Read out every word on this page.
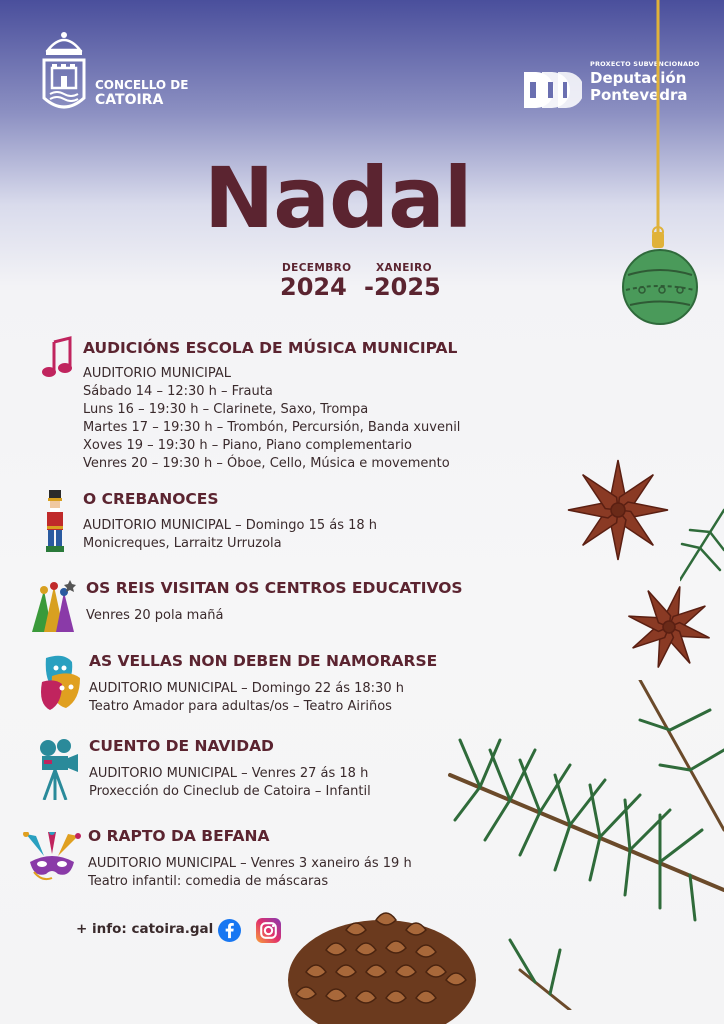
CONCELLO DE
CATOIRA
PROXECTO SUBVENCIONADO
Deputación
Pontevedra
Nadal
DECEMBRO
2024
XANEIRO
-2025
AUDICIÓNS ESCOLA DE MÚSICA MUNICIPAL
AUDITORIO MUNICIPAL
Sábado 14 – 12:30 h – Frauta
Luns 16 – 19:30 h – Clarinete, Saxo, Trompa
Martes 17 – 19:30 h – Trombón, Percursión, Banda xuvenil
Xoves 19 – 19:30 h – Piano, Piano complementario
Venres 20 – 19:30 h – Óboe, Cello, Música e movemento
O CREBANOCES
AUDITORIO MUNICIPAL – Domingo 15 ás 18 h
Monicreques, Larraitz Urruzola
OS REIS VISITAN OS CENTROS EDUCATIVOS
Venres 20 pola mañá
AS VELLAS NON DEBEN DE NAMORARSE
AUDITORIO MUNICIPAL – Domingo 22 ás 18:30 h
Teatro Amador para adultas/os – Teatro Airiños
CUENTO DE NAVIDAD
AUDITORIO MUNICIPAL – Venres 27 ás 18 h
Proxección do Cineclub de Catoira – Infantil
O RAPTO DA BEFANA
AUDITORIO MUNICIPAL – Venres 3 xaneiro ás 19 h
Teatro infantil: comedia de máscaras
+ info: catoira.gal
